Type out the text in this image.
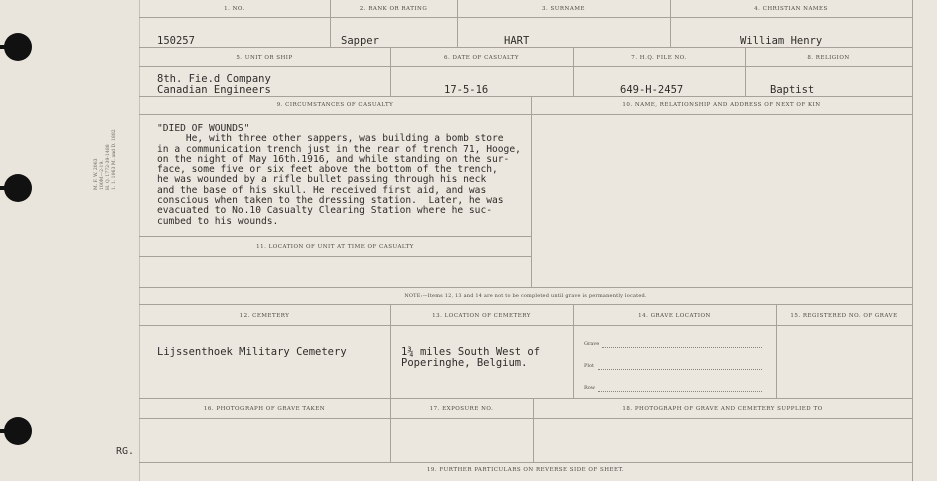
M. F. W. 2063 100M—2-19. H. Q. 1772-39-1488 1. 1. 1063 M. and D. 1882
RG.
1. NO.	2. RANK OR RATING	3. SURNAME	4. CHRISTIAN NAMES
150257	Sapper	HART	William Henry
5. UNIT OR SHIP	6. DATE OF CASUALTY	7. H.Q. FILE NO.	8. RELIGION
8th. Fie.d Company
Canadian Engineers	17-5-16	649-H-2457	Baptist
9. CIRCUMSTANCES OF CASUALTY	10. NAME, RELATIONSHIP AND ADDRESS OF NEXT OF KIN
"DIED OF WOUNDS"
He, with three other sappers, was building a bomb store
in a communication trench just in the rear of trench 71, Hooge,
on the night of May 16th.1916, and while standing on the sur-
face, some five or six feet above the bottom of the trench,
he was wounded by a rifle bullet passing through his neck
and the base of his skull. He received first aid, and was
conscious when taken to the dressing station.  Later, he was
evacuated to No.10 Casualty Clearing Station where he suc-
cumbed to his wounds.
11. LOCATION OF UNIT AT TIME OF CASUALTY
NOTE:—Items 12, 13 and 14 are not to be completed until grave is permanently located.
12. CEMETERY	13. LOCATION OF CEMETERY	14. GRAVE LOCATION	15. REGISTERED NO. OF GRAVE
Lijssenthoek Military Cemetery	1¾ miles South West of
Poperinghe, Belgium.
Grave
Plot
Row
16. PHOTOGRAPH OF GRAVE TAKEN	17. EXPOSURE NO.	18. PHOTOGRAPH OF GRAVE AND CEMETERY SUPPLIED TO
19. FURTHER PARTICULARS ON REVERSE SIDE OF SHEET.
